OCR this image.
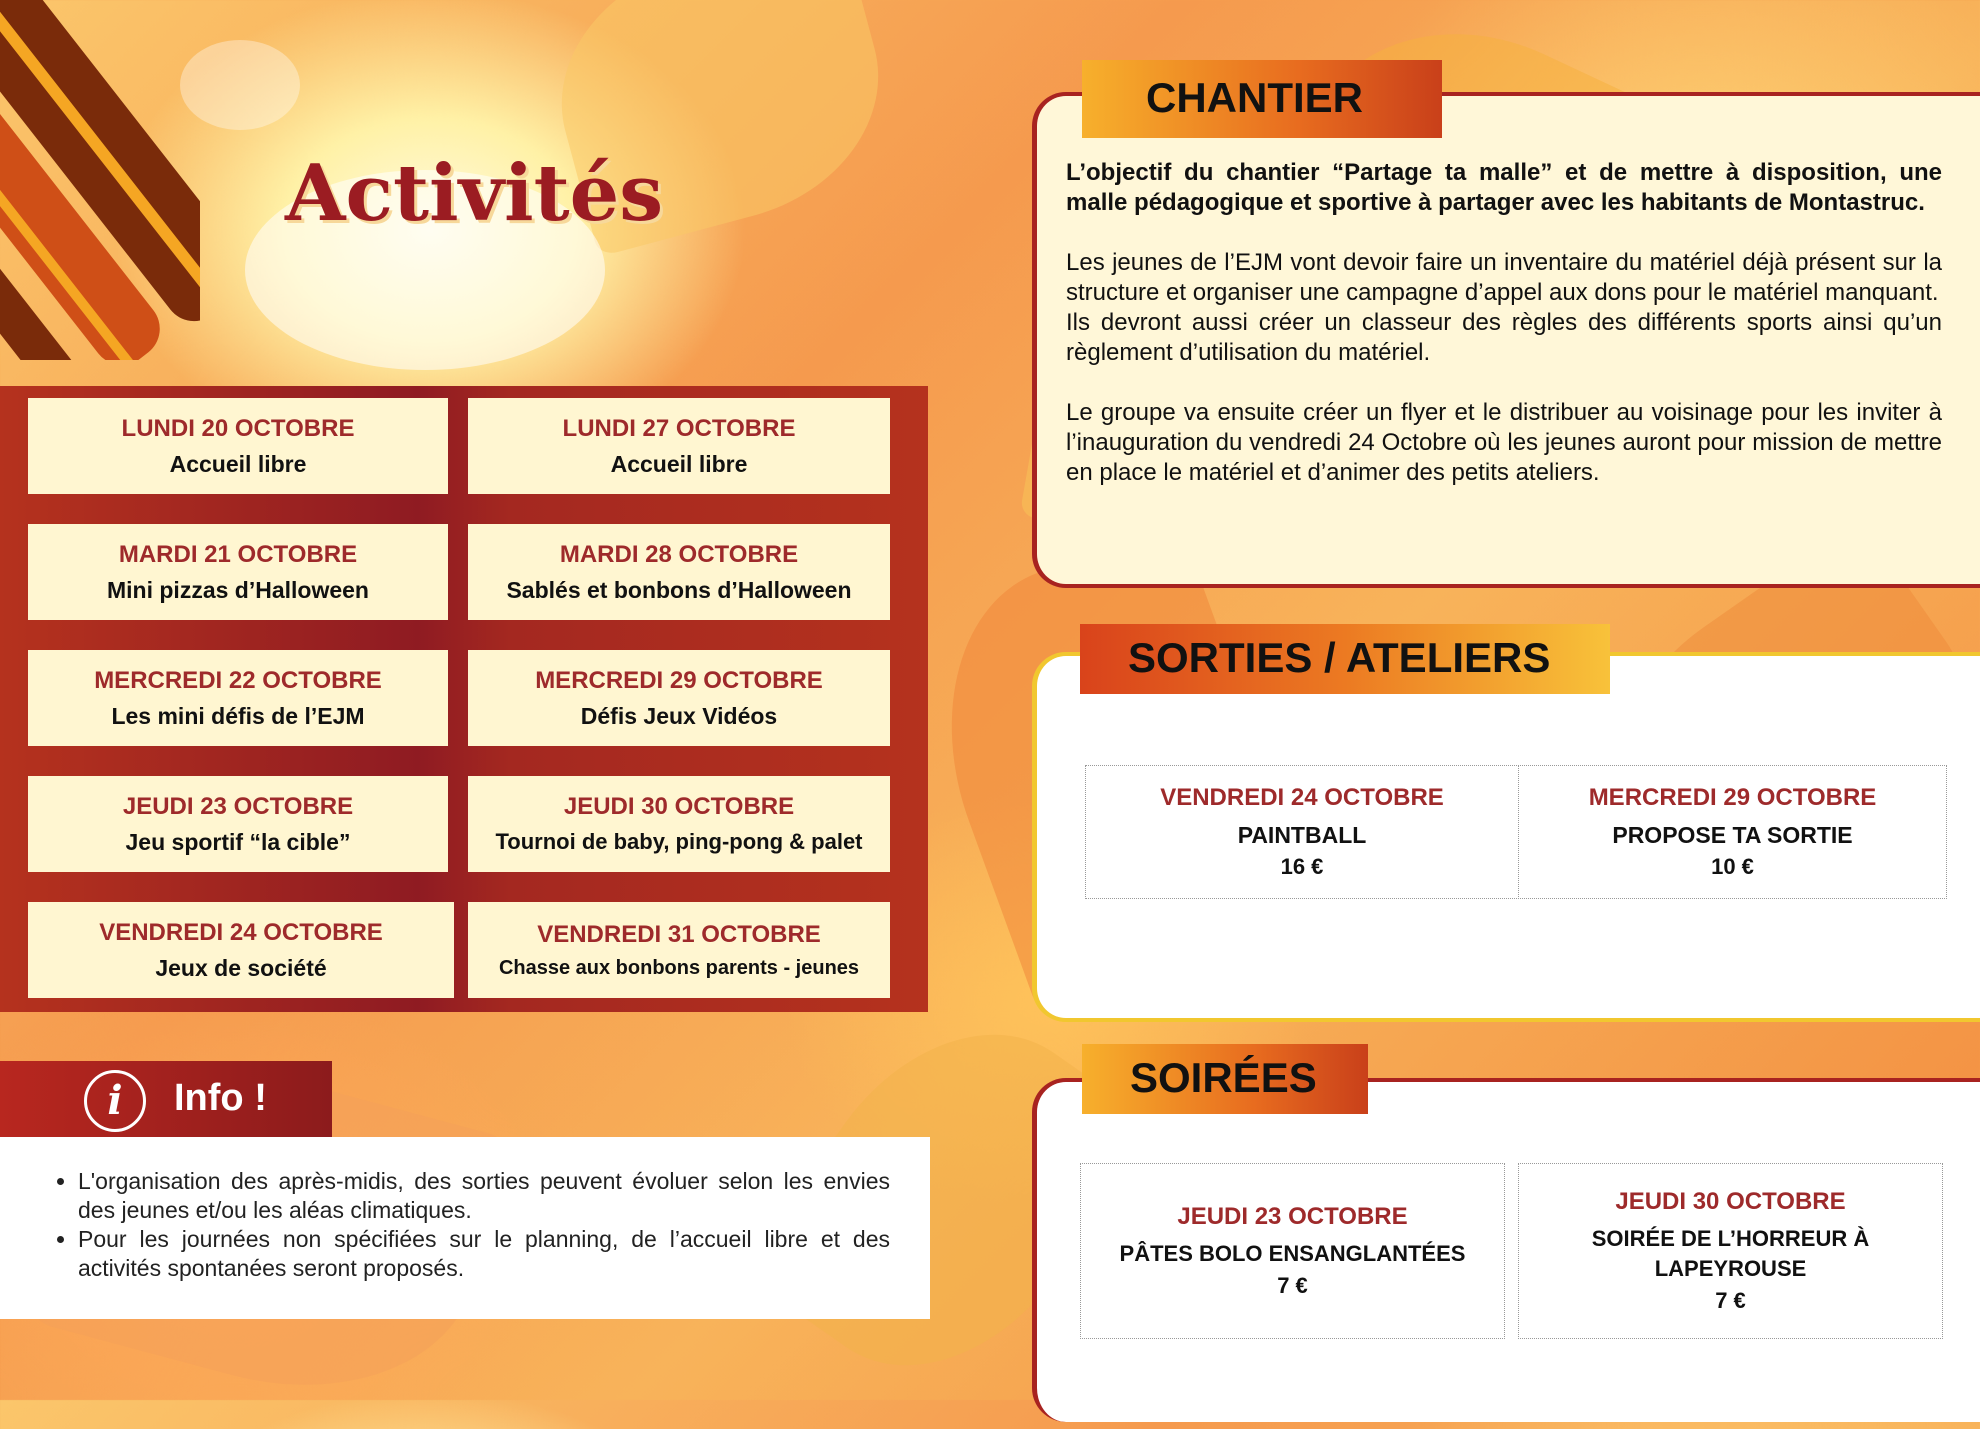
Activités
LUNDI 20 OCTOBRE
Accueil libre
LUNDI 27 OCTOBRE
Accueil libre
MARDI 21 OCTOBRE
Mini pizzas d’Halloween
MARDI 28 OCTOBRE
Sablés et bonbons d’Halloween
MERCREDI 22 OCTOBRE
Les mini défis de l’EJM
MERCREDI 29 OCTOBRE
Défis Jeux Vidéos
JEUDI 23 OCTOBRE
Jeu sportif “la cible”
JEUDI 30 OCTOBRE
Tournoi de baby, ping-pong & palet
VENDREDI 24 OCTOBRE
Jeux de société
VENDREDI 31 OCTOBRE
Chasse aux bonbons parents - jeunes
i	Info !
• L'organisation des après-midis, des sorties peuvent évoluer selon les envies des jeunes et/ou les aléas climatiques.
• Pour les journées non spécifiées sur le planning, de l’accueil libre et des activités spontanées seront proposés.
CHANTIER

L’objectif du chantier “Partage ta malle” et de mettre à disposition, une malle pédagogique et sportive à partager avec les habitants de Montastruc.

Les jeunes de l’EJM vont devoir faire un inventaire du matériel déjà présent sur la structure et organiser une campagne d’appel aux dons pour le matériel manquant.

Ils devront aussi créer un classeur des règles des différents sports ainsi qu’un règlement d’utilisation du matériel.

Le groupe va ensuite créer un flyer et le distribuer au voisinage pour les inviter à l’inauguration du vendredi 24 Octobre où les jeunes auront pour mission de mettre en place le matériel et d’animer des petits ateliers.

SORTIES / ATELIERS
VENDREDI 24 OCTOBRE
PAINTBALL
16 €
MERCREDI 29 OCTOBRE
PROPOSE TA SORTIE
10 €
SOIRÉES
JEUDI 23 OCTOBRE
PÂTES BOLO ENSANGLANTÉES
7 €
JEUDI 30 OCTOBRE
SOIRÉE DE L’HORREUR À LAPEYROUSE
7 €
